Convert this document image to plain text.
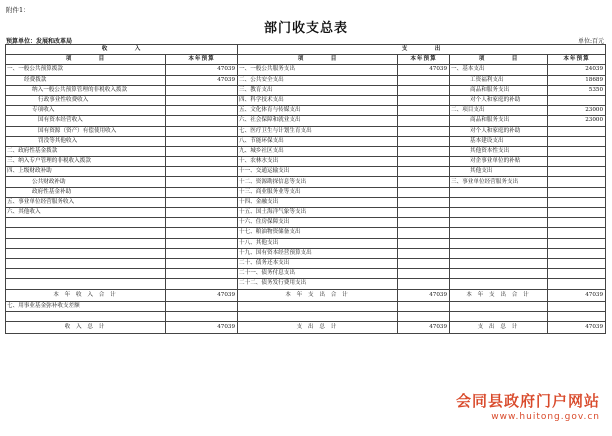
附件1：
部门收支总表
预算单位：发展和改革局	单位:百元
收　　　　入		支　　　　出			
项　　　　目	本年预算	项　　　　目	本年预算	项　　　　目	本年预算
一、一般公共预算拨款	47039	一、一般公共服务支出	47039	一、基本支出	24039
经费拨款	47039	二、公共安全支出		工资福利支出	18689
纳入一般公共预算管理的非税收入拨款		三、教育支出		商品和服务支出	5350
行政事业性收费收入		四、科学技术支出		对个人和家庭的补助	
专项收入		五、文化体育与传媒支出		二、项目支出	23000
国有资本经营收入		六、社会保障和就业支出		商品和服务支出	23000
国有资源（资产）有偿使用收入		七、医疗卫生与计划生育支出		对个人和家庭的补助	
罚没等其他收入		八、节能环保支出		基本建设支出	
二、政府性基金拨款		九、城乡社区支出		其他资本性支出	
三、纳入专户管理的非税收入拨款		十、农林水支出		对企事业单位的补贴	
四、上级财政补助		十一、交通运输支出		其他支出	
公共财政补助		十二、资源勘探信息等支出		三、事业单位经营服务支出	
政府性基金补助		十三、商业服务业等支出			
五、事业单位经营服务收入		十四、金融支出			
六、其他收入		十五、国土海洋气象等支出			
		十六、住房保障支出			
		十七、粮油物资储备支出			
		十八、其他支出			
		十九、国有资本经营预算支出			
		二十、债务还本支出			
		二十一、债务付息支出			
		二十二、债务发行费用支出			
本 年 收 入 合 计	47039	本 年 支 出 合 计	47039	本 年 支 出 合 计	47039
七、用事业基金弥补收支差额					

收 入 总 计	47039	支 出 总 计	47039	支 出 总 计	47039
会同县政府门户网站
www.huitong.gov.cn
